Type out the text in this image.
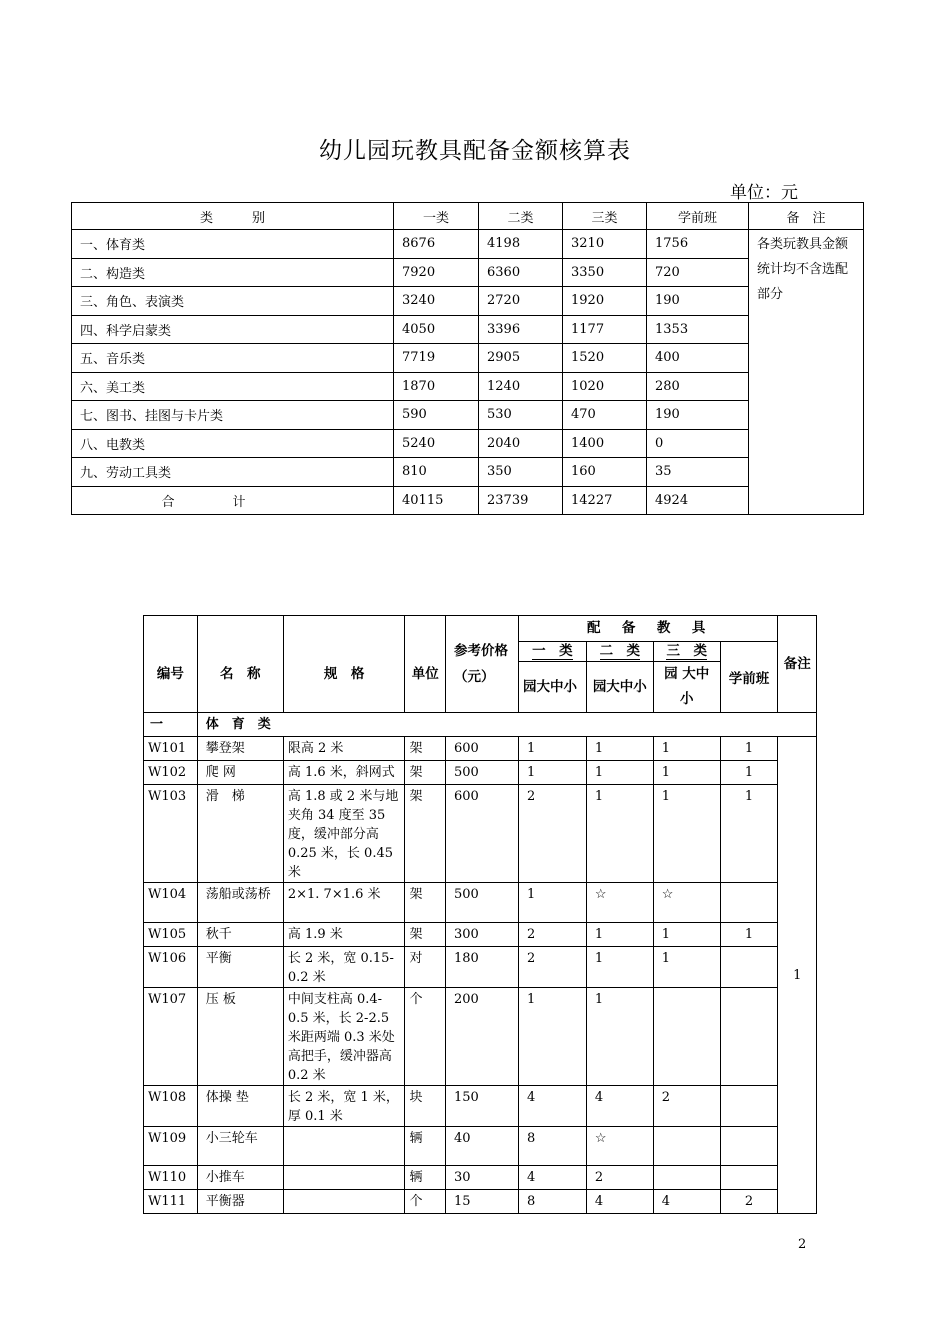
幼儿园玩教具配备金额核算表
单位：元
类　　　别	一类	二类	三类	学前班	备　注
一、体育类	8676	4198	3210	1756	各类玩教具金额统计均不含选配部分
二、构造类	7920	6360	3350	720	
三、角色、表演类	3240	2720	1920	190	
四、科学启蒙类	4050	3396	1177	1353	
五、音乐类	7719	2905	1520	400	
六、美工类	1870	1240	1020	280	
七、图书、挂图与卡片类	590	530	470	190	
八、电教类	5240	2040	1400	0	
九、劳动工具类	810	350	160	35	
合计	40115	23739	14227	4924	
编号	名　称	规　格	单位	参考价格（元）	配　备　教　具				备注
					一　类	二　类	三　类	学前班	
					园大中小	园大中小	园 大中小		
一	体　育　类								
W101	攀登架	限高 2 米	架	600	1	1	1	1	1
W102	爬 网	高 1.6 米，斜网式	架	500	1	1	1	1	
W103	滑　梯	高 1.8 或 2 米与地夹角 34 度至 35 度，缓冲部分高 0.25 米，长 0.45 米	架	600	2	1	1	1	
W104	荡船或荡桥	2×1. 7×1.6 米	架	500	1	☆	☆		
W105	秋千	高 1.9 米	架	300	2	1	1	1	
W106	平衡	长 2 米，宽 0.15-0.2 米	对	180	2	1	1		
W107	压 板	中间支柱高 0.4-0.5 米，长 2-2.5 米距两端 0.3 米处高把手，缓冲器高 0.2 米	个	200	1	1			
W108	体操 垫	长 2 米，宽 1 米，厚 0.1 米	块	150	4	4	2		
W109	小三轮车		辆	40	8	☆			
W110	小推车		辆	30	4	2			
W111	平衡器		个	15	8	4	4	2	
2
